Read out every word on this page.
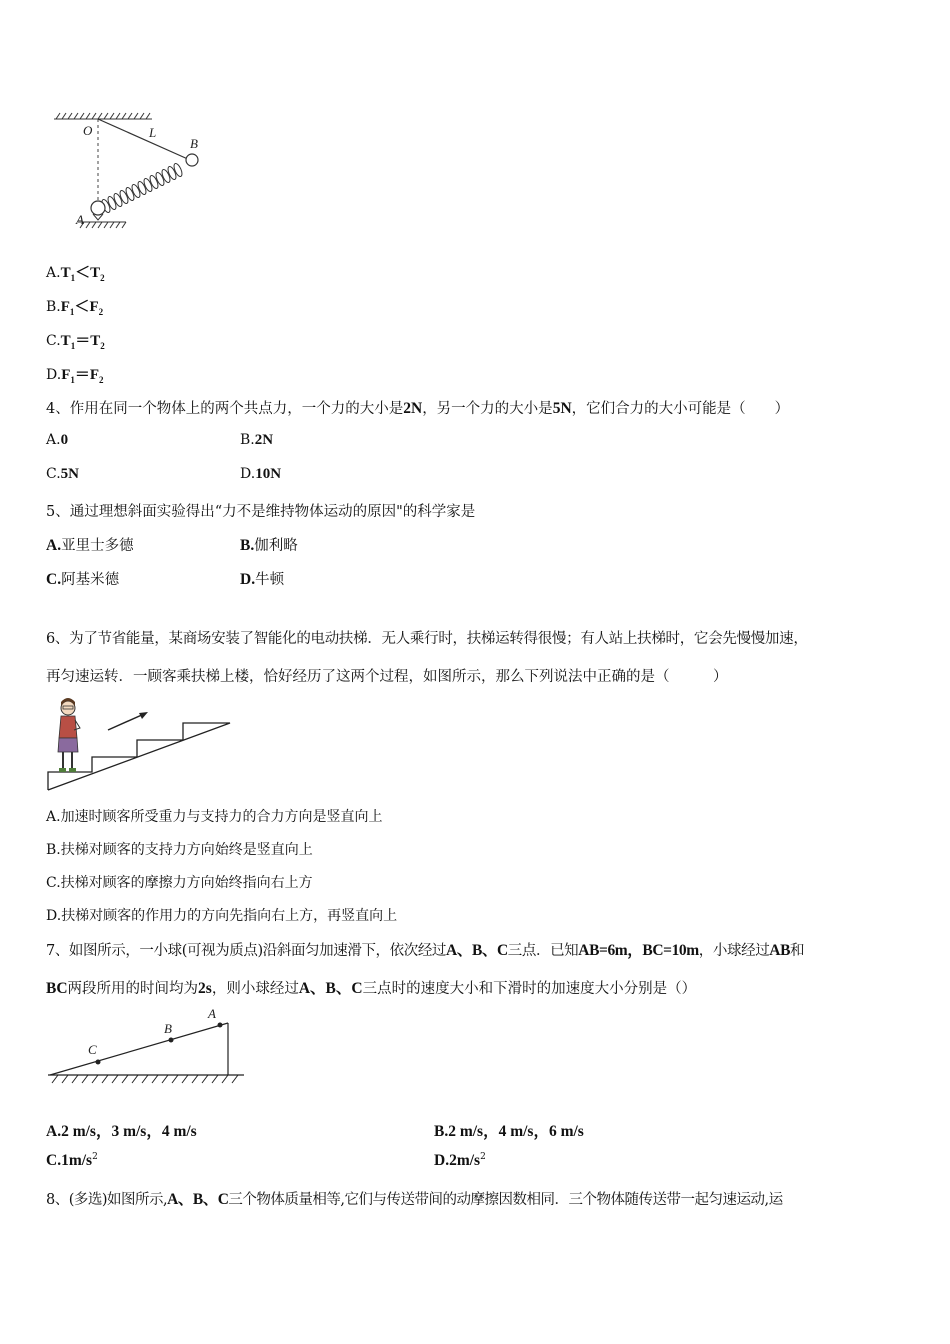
O	L
B
A
$A.T_1<T_2$
$B.F_1<F_2$
$C.T_1=T_2$
$D.F_1=F_2$
4、作用在同一个物体上的两个共点力，一个力的大小是2N，另一个力的大小是5N，它们合力的大小可能是（　　）
A.0	B.2N
C.5N	D.10N
5、通过理想斜面实验得出“力不是维持物体运动的原因"的科学家是
A.亚里士多德	B.伽利略
C.阿基米德	D.牛顿
6、为了节省能量，某商场安装了智能化的电动扶梯．无人乘行时，扶梯运转得很慢；有人站上扶梯时，它会先慢慢加速，
再匀速运转．一顾客乘扶梯上楼，恰好经历了这两个过程，如图所示，那么下列说法中正确的是（　　　）
A.加速时顾客所受重力与支持力的合力方向是竖直向上
B.扶梯对顾客的支持力方向始终是竖直向上
C.扶梯对顾客的摩擦力方向始终指向右上方
D.扶梯对顾客的作用力的方向先指向右上方，再竖直向上
7、如图所示，一小球(可视为质点)沿斜面匀加速滑下，依次经过A、B、C三点．已知AB=6m，BC=10m，小球经过AB和
BC两段所用的时间均为2s，则小球经过A、B、C三点时的速度大小和下滑时的加速度大小分别是（）
A
B
C
A.2 m/s，3 m/s，4 m/s	B.2 m/s，4 m/s，6 m/s
$C.1m/s^2$	$D.2m/s^2$
8、(多选)如图所示,A、B、C三个物体质量相等,它们与传送带间的动摩擦因数相同．三个物体随传送带一起匀速运动,运
